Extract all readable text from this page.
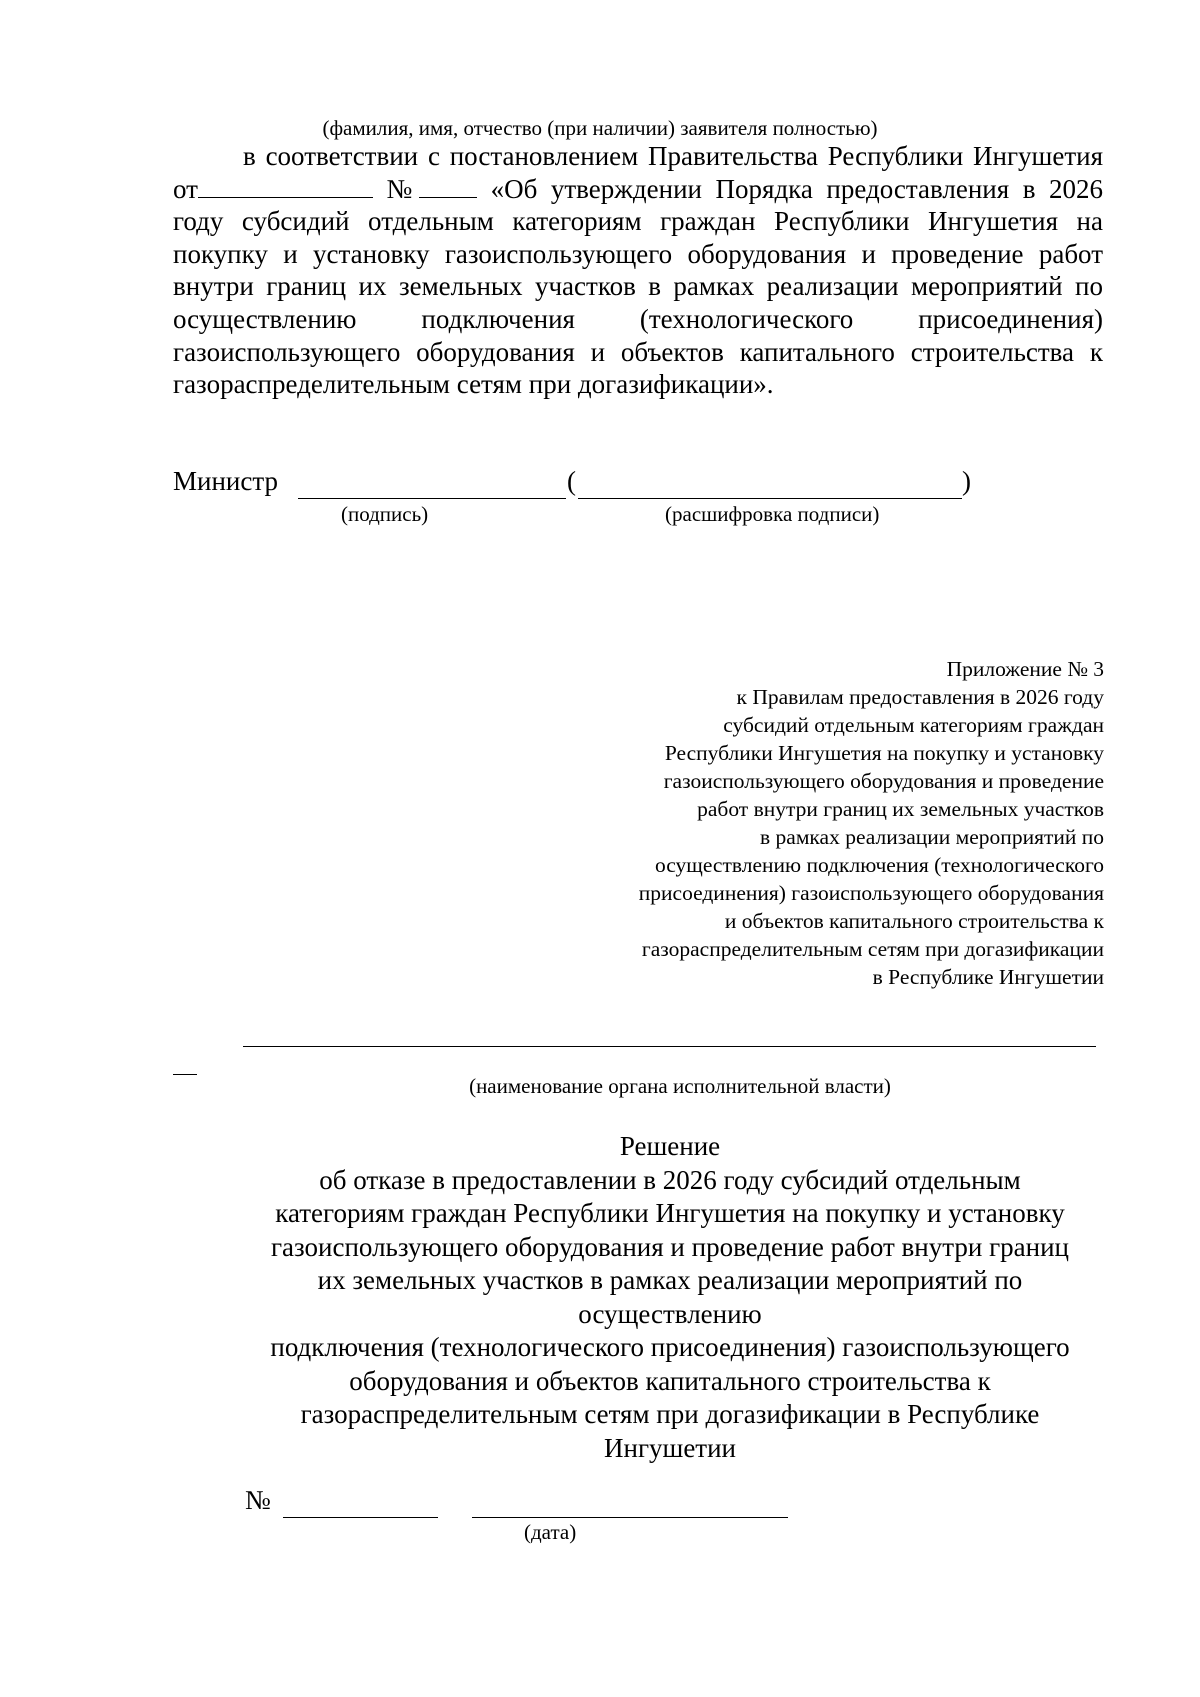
(фамилия, имя, отчество (при наличии) заявителя полностью)
в соответствии с постановлением Правительства Республики Ингушетия от	№ «Об утверждении Порядка предоставления в 2026 году субсидий отдельным категориям граждан Республики Ингушетия на покупку и установку газоиспользующего оборудования и проведение работ внутри границ их земельных участков в рамках реализации мероприятий по осуществлению подключения (технологического присоединения) газоиспользующего оборудования и объектов капитального строительства к газораспределительным сетям при догазификации».
Министр	(	)
(подпись)	(расшифровка подписи)
Приложение № 3
к Правилам предоставления в 2026 году
субсидий отдельным категориям граждан
Республики Ингушетия на покупку и установку
газоиспользующего оборудования и проведение
работ внутри границ их земельных участков
в рамках реализации мероприятий по
осуществлению подключения (технологического
присоединения) газоиспользующего оборудования
и объектов капитального строительства к
газораспределительным сетям при догазификации
в Республике Ингушетии
(наименование органа исполнительной власти)
Решение
об отказе в предоставлении в 2026 году субсидий отдельным
категориям граждан Республики Ингушетия на покупку и установку
газоиспользующего оборудования и проведение работ внутри границ
их земельных участков в рамках реализации мероприятий по
осуществлению
подключения (технологического присоединения) газоиспользующего
оборудования и объектов капитального строительства к
газораспределительным сетям при догазификации в Республике
Ингушетии
№
(дата)
